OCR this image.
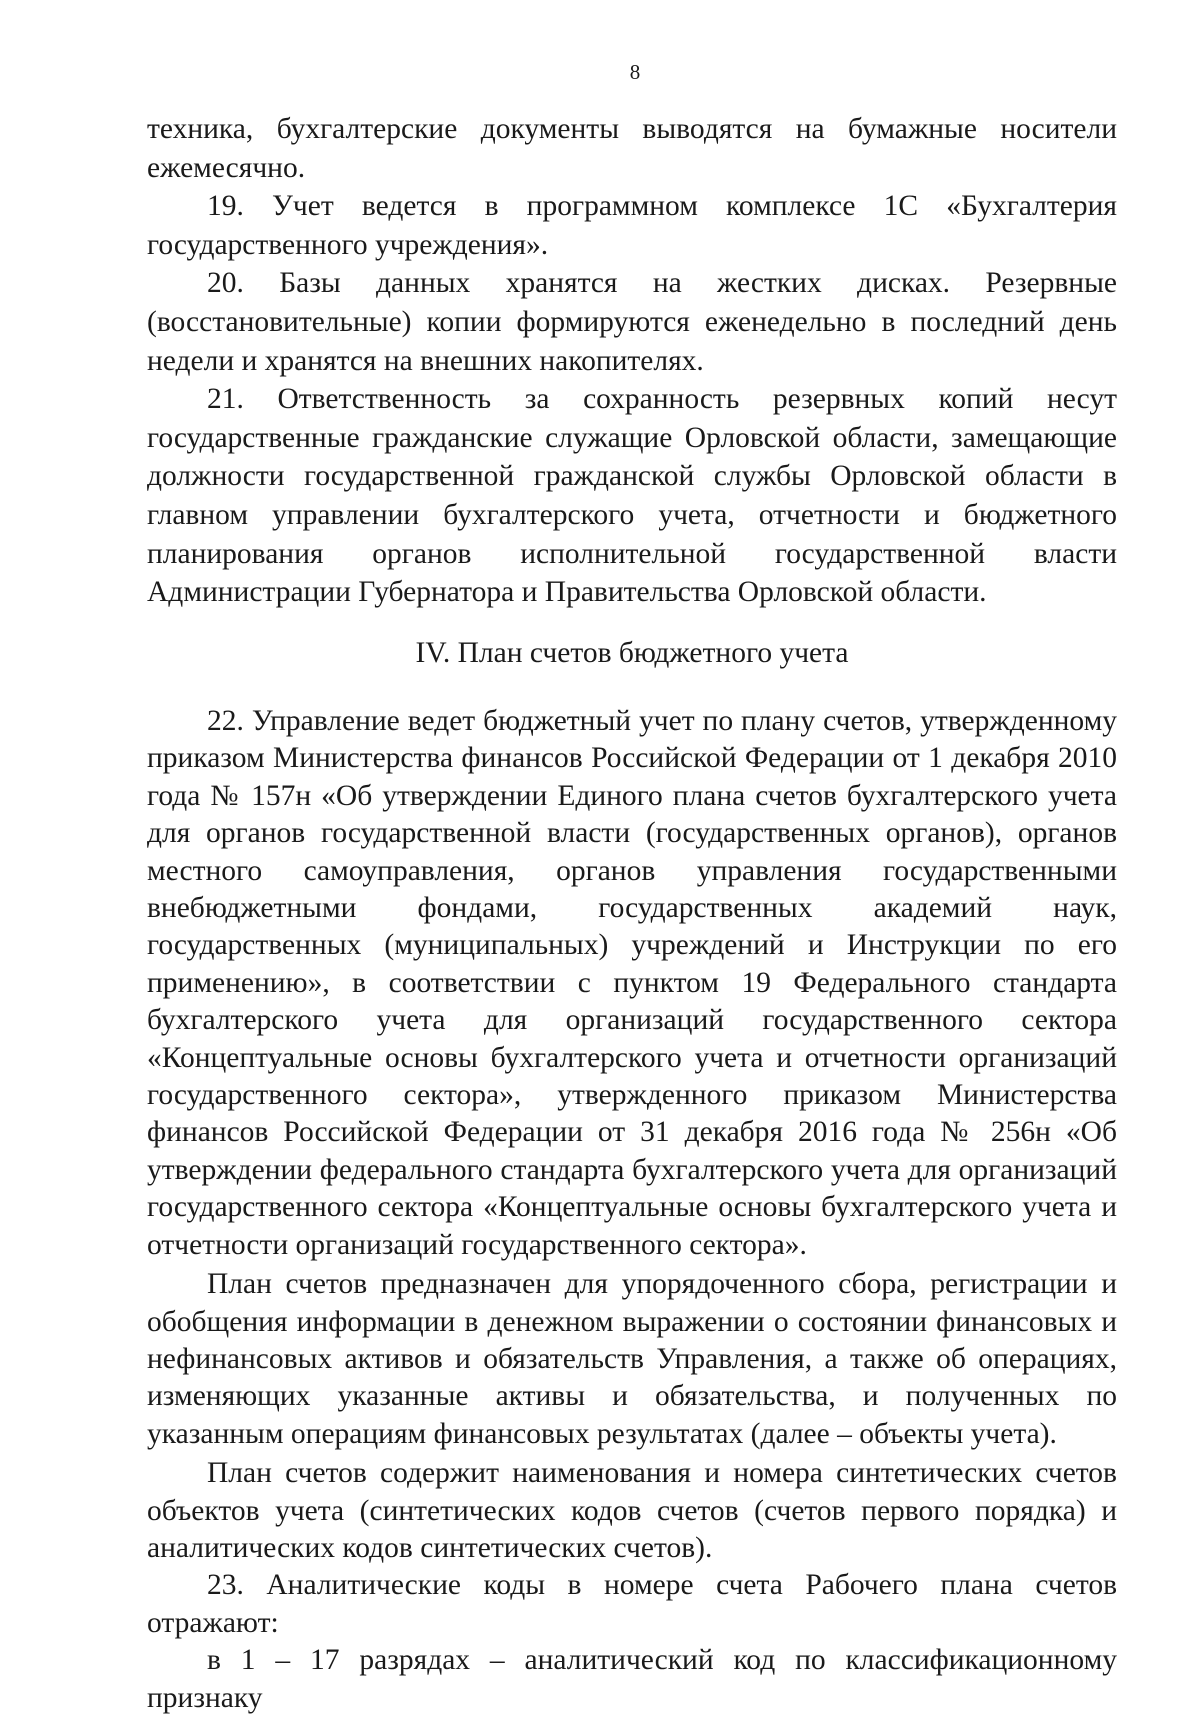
8

техника, бухгалтерские документы выводятся на бумажные носители ежемесячно.

19. Учет ведется в программном комплексе 1С «Бухгалтерия государственного учреждения».

20. Базы данных хранятся на жестких дисках. Резервные (восстановительные) копии формируются еженедельно в последний день недели и хранятся на внешних накопителях.

21. Ответственность за сохранность резервных копий несут государственные гражданские служащие Орловской области, замещающие должности государственной гражданской службы Орловской области в главном управлении бухгалтерского учета, отчетности и бюджетного планирования органов исполнительной государственной власти Администрации Губернатора и Правительства Орловской области.

IV. План счетов бюджетного учета

22. Управление ведет бюджетный учет по плану счетов, утвержденному приказом Министерства финансов Российской Федерации от 1 декабря 2010 года № 157н «Об утверждении Единого плана счетов бухгалтерского учета для органов государственной власти (государственных органов), органов местного самоуправления, органов управления государственными внебюджетными фондами, государственных академий наук, государственных (муниципальных) учреждений и Инструкции по его применению», в соответствии с пунктом 19 Федерального стандарта бухгалтерского учета для организаций государственного сектора «Концептуальные основы бухгалтерского учета и отчетности организаций государственного сектора», утвержденного приказом Министерства финансов Российской Федерации от 31 декабря 2016 года № 256н «Об утверждении федерального стандарта бухгалтерского учета для организаций государственного сектора «Концептуальные основы бухгалтерского учета и отчетности организаций государственного сектора».

План счетов предназначен для упорядоченного сбора, регистрации и обобщения информации в денежном выражении о состоянии финансовых и нефинансовых активов и обязательств Управления, а также об операциях, изменяющих указанные активы и обязательства, и полученных по указанным операциям финансовых результатах (далее – объекты учета).

План счетов содержит наименования и номера синтетических счетов объектов учета (синтетических кодов счетов (счетов первого порядка) и аналитических кодов синтетических счетов).

23. Аналитические коды в номере счета Рабочего плана счетов отражают:

в 1 – 17 разрядах – аналитический код по классификационному признаку
